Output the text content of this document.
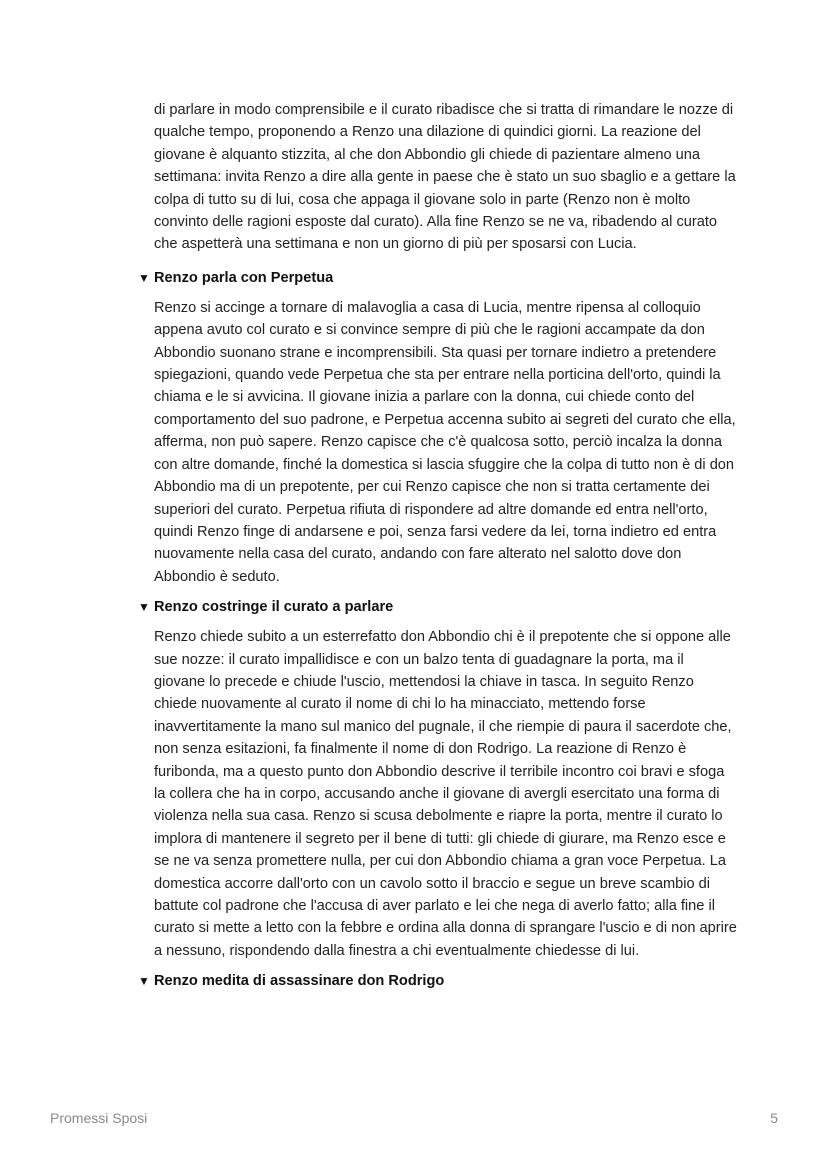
di parlare in modo comprensibile e il curato ribadisce che si tratta di rimandare le nozze di qualche tempo, proponendo a Renzo una dilazione di quindici giorni. La reazione del giovane è alquanto stizzita, al che don Abbondio gli chiede di pazientare almeno una settimana: invita Renzo a dire alla gente in paese che è stato un suo sbaglio e a gettare la colpa di tutto su di lui, cosa che appaga il giovane solo in parte (Renzo non è molto convinto delle ragioni esposte dal curato). Alla fine Renzo se ne va, ribadendo al curato che aspetterà una settimana e non un giorno di più per sposarsi con Lucia.

▼ Renzo parla con Perpetua

Renzo si accinge a tornare di malavoglia a casa di Lucia, mentre ripensa al colloquio appena avuto col curato e si convince sempre di più che le ragioni accampate da don Abbondio suonano strane e incomprensibili. Sta quasi per tornare indietro a pretendere spiegazioni, quando vede Perpetua che sta per entrare nella porticina dell'orto, quindi la chiama e le si avvicina. Il giovane inizia a parlare con la donna, cui chiede conto del comportamento del suo padrone, e Perpetua accenna subito ai segreti del curato che ella, afferma, non può sapere. Renzo capisce che c'è qualcosa sotto, perciò incalza la donna con altre domande, finché la domestica si lascia sfuggire che la colpa di tutto non è di don Abbondio ma di un prepotente, per cui Renzo capisce che non si tratta certamente dei superiori del curato. Perpetua rifiuta di rispondere ad altre domande ed entra nell'orto, quindi Renzo finge di andarsene e poi, senza farsi vedere da lei, torna indietro ed entra nuovamente nella casa del curato, andando con fare alterato nel salotto dove don Abbondio è seduto.

▼ Renzo costringe il curato a parlare

Renzo chiede subito a un esterrefatto don Abbondio chi è il prepotente che si oppone alle sue nozze: il curato impallidisce e con un balzo tenta di guadagnare la porta, ma il giovane lo precede e chiude l'uscio, mettendosi la chiave in tasca. In seguito Renzo chiede nuovamente al curato il nome di chi lo ha minacciato, mettendo forse inavvertitamente la mano sul manico del pugnale, il che riempie di paura il sacerdote che, non senza esitazioni, fa finalmente il nome di don Rodrigo. La reazione di Renzo è furibonda, ma a questo punto don Abbondio descrive il terribile incontro coi bravi e sfoga la collera che ha in corpo, accusando anche il giovane di avergli esercitato una forma di violenza nella sua casa. Renzo si scusa debolmente e riapre la porta, mentre il curato lo implora di mantenere il segreto per il bene di tutti: gli chiede di giurare, ma Renzo esce e se ne va senza promettere nulla, per cui don Abbondio chiama a gran voce Perpetua. La domestica accorre dall'orto con un cavolo sotto il braccio e segue un breve scambio di battute col padrone che l'accusa di aver parlato e lei che nega di averlo fatto; alla fine il curato si mette a letto con la febbre e ordina alla donna di sprangare l'uscio e di non aprire a nessuno, rispondendo dalla finestra a chi eventualmente chiedesse di lui.

▼ Renzo medita di assassinare don Rodrigo
Promessi Sposi	5
